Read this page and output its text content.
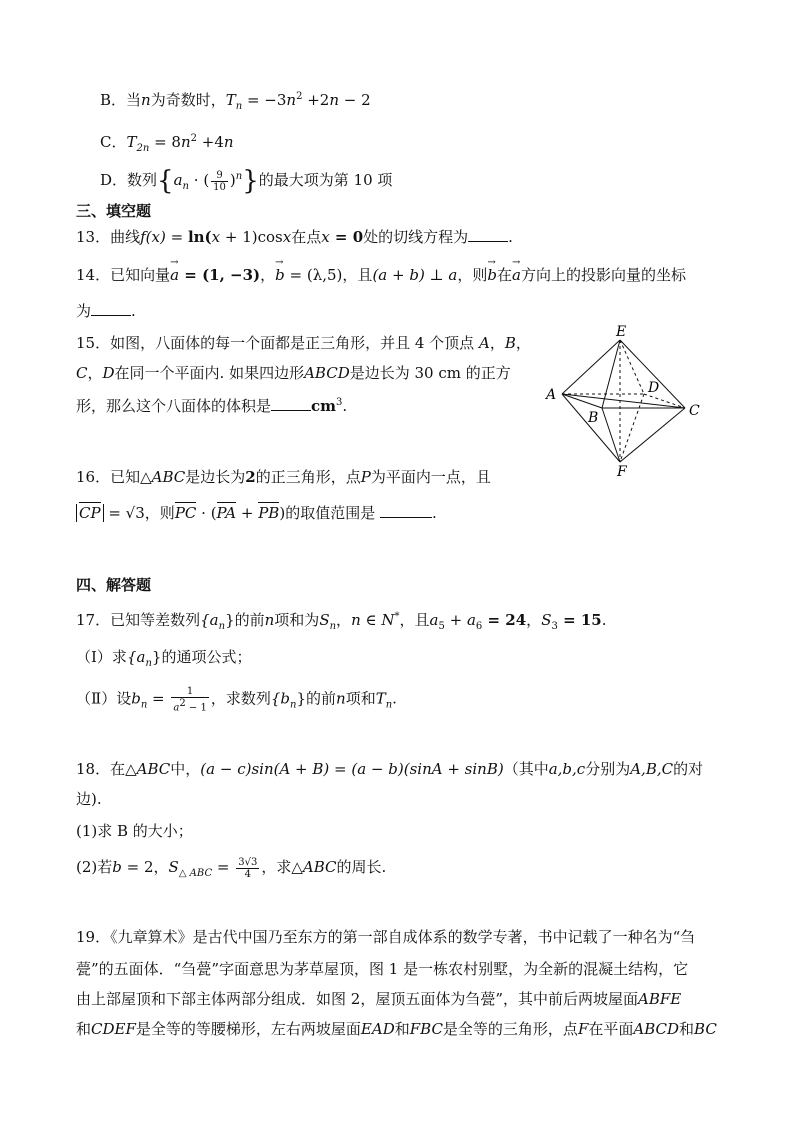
B．当n为奇数时，$T_n = -3n^2 +2n - 2$
C．$T_{2n} = 8n^2 +4n$
D．数列{$a_n$ · ( $\frac{9}{10} )^n$}的最大项为第 10 项
三、填空题
13．曲线f(x) = ln(x + 1)cosx在点x = 0处的切线方程为	.
14．已知向量→ a = (1, −3)，→ b = (λ,5)，且(a + b) ⊥ a，则→ b在→ a方向上的投影向量的坐标
为	.
15．如图，八面体的每一个面都是正三角形，并且 4 个顶点 A，B，
C，D在同一个平面内. 如果四边形ABCD是边长为 30 cm 的正方
形，那么这个八面体的体积是	$cm^3$.
E
A	D
B	C
F
16．已知△ABC是边长为2的正三角形，点P为平面内一点，且
CP = √3，则PC · (PA + PB)的取值范围是	.
四、解答题
17．已知等差数列$\{a_n\}$的前n项和为$S_n$，n ∈ N*，且$a_5 + a_6 = 24$，$S_3 = 15$.
（Ⅰ）求$\{a_n\}$的通项公式；
（Ⅱ）设$b_n = \frac{1}{a^2 - 1}$ ，求数列$\{b_n\}$的前n项和$T_n$.
18．在△ABC中，(a − c)sin(A + B) = (a − b)(sinA + sinB)（其中a,b,c分别为A,B,C的对
边).
(1)求 B 的大小；
(2)若b = 2，$S_{\triangle ABC} = \frac{3√3}{4}$ ，求△ABC的周长.
19．《九章算术》是古代中国乃至东方的第一部自成体系的数学专著，书中记载了一种名为“刍
甍”的五面体．“刍甍”字面意思为茅草屋顶，图 1 是一栋农村别墅，为全新的混凝土结构，它
由上部屋顶和下部主体两部分组成．如图 2，屋顶五面体为刍甍”，其中前后两坡屋面ABFE
和CDEF是全等的等腰梯形，左右两坡屋面EAD和FBC是全等的三角形，点F在平面ABCD和BC
